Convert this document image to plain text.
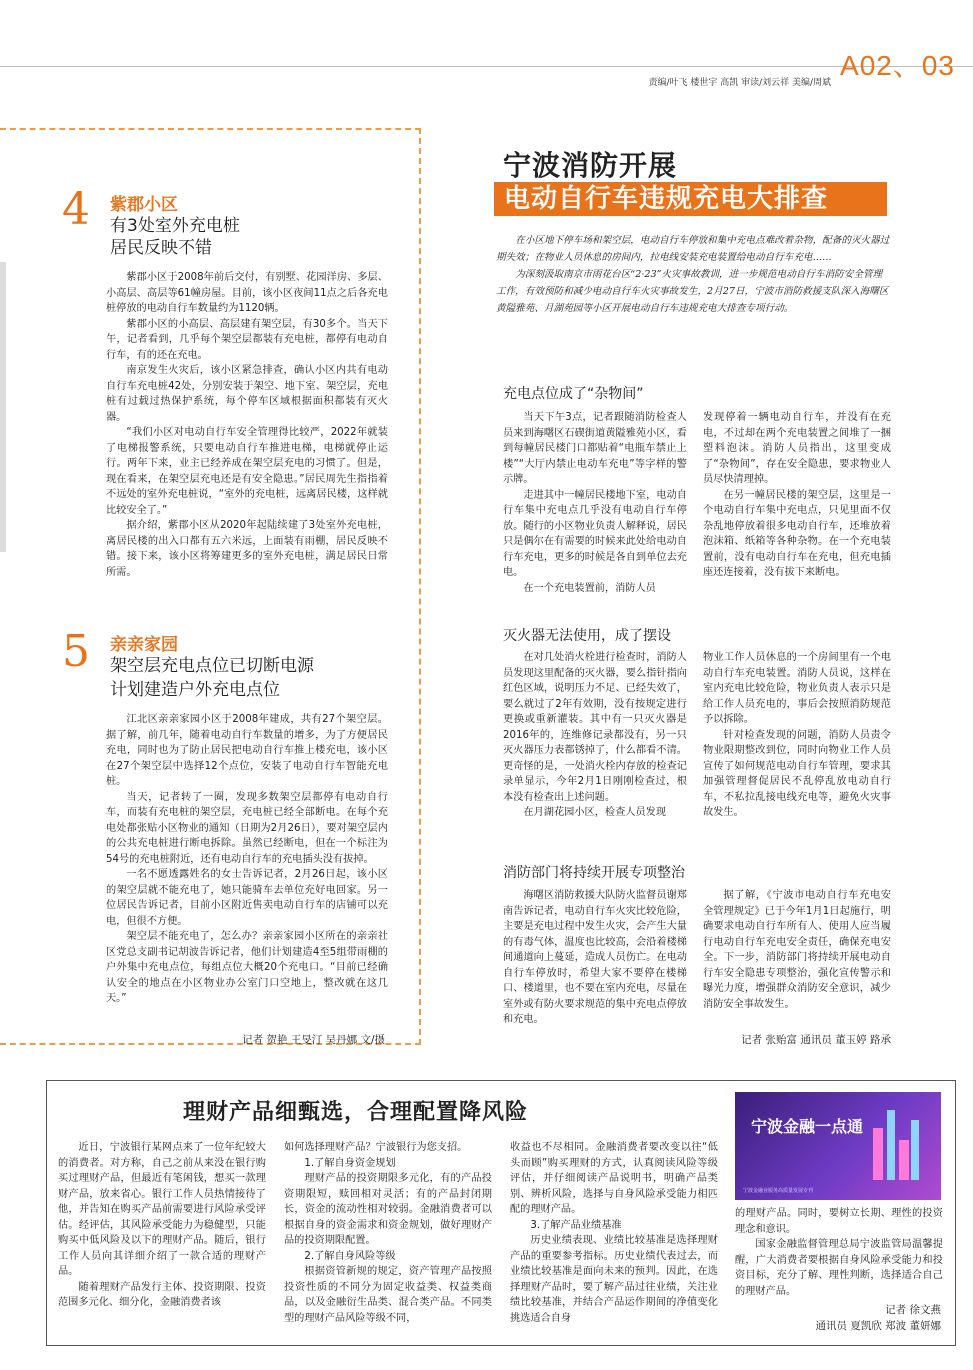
A02、03
责编/叶飞 楼世宇 高凯 审读/刘云祥 美编/周斌
4 紫郡小区
有3处室外充电桩
居民反映不错

紫郡小区于2008年前后交付，有别墅、花园洋房、多层、小高层、高层等61幢房屋。目前，该小区夜间11点之后各充电桩停放的电动自行车数量约为1120辆。

紫郡小区的小高层、高层建有架空层，有30多个。当天下午，记者看到，几乎每个架空层都装有充电桩，都停有电动自行车，有的还在充电。

南京发生火灾后，该小区紧急排查，确认小区内共有电动自行车充电桩42处，分别安装于架空、地下室、架空层，充电桩有过载过热保护系统，每个停车区域根据面积都装有灭火器。

“我们小区对电动自行车安全管理得比较严，2022年就装了电梯报警系统，只要电动自行车推进电梯，电梯就停止运行。两年下来，业主已经养成在架空层充电的习惯了。但是，现在看来，在架空层充电还是有安全隐患。”居民周先生指指着不远处的室外充电桩说，“室外的充电桩，远离居民楼，这样就比较安全了。”

据介绍，紫郡小区从2020年起陆续建了3处室外充电桩，离居民楼的出入口都有五六米远，上面装有雨棚，居民反映不错。接下来，该小区将筹建更多的室外充电桩，满足居民日常所需。

5 亲亲家园
架空层充电点位已切断电源
计划建造户外充电点位

江北区亲亲家园小区于2008年建成，共有27个架空层。据了解，前几年，随着电动自行车数量的增多，为了方便居民充电，同时也为了防止居民把电动自行车推上楼充电，该小区在27个架空层中选择12个点位，安装了电动自行车智能充电桩。

当天，记者转了一圈，发现多数架空层都停有电动自行车，而装有充电桩的架空层，充电桩已经全部断电。在每个充电处都张贴小区物业的通知（日期为2月26日），要对架空层内的公共充电桩进行断电拆除。虽然已经断电，但在一个标注为54号的充电桩附近，还有电动自行车的充电插头没有拔掉。

一名不愿透露姓名的女士告诉记者，2月26日起，该小区的架空层就不能充电了，她只能骑车去单位充好电回家。另一位居民告诉记者，目前小区附近售卖电动自行车的店铺可以充电，但很不方便。

架空层不能充电了，怎么办？亲亲家园小区所在的亲亲社区党总支副书记胡波告诉记者，他们计划建造4至5组带雨棚的户外集中充电点位，每组点位大概20个充电口。“目前已经确认安全的地点在小区物业办公室门口空地上，整改就在这几天。”

记者 贺艳 王旻汀 吴丹娜 文/摄
宁波消防开展
电动自行车违规充电大排查

在小区地下停车场和架空层，电动自行车停放和集中充电点难改着杂物，配备的灭火器过期失效；在物业人员休息的房间内，拉电线安装充电装置给电动自行车充电……

为深刻汲取南京市雨花台区“2·23”火灾事故教训，进一步规范电动自行车消防安全管理工作，有效预防和减少电动自行车火灾事故发生，2月27日，宁波市消防救援支队深入海曙区黄隘雅苑、月湖苑园等小区开展电动自行车违规充电大排查专项行动。

充电点位成了“杂物间”

当天下午3点，记者跟随消防检查人员来到海曙区石碶街道黄隘雅苑小区，看到每幢居民楼门口都贴着“电瓶车禁止上楼”“大厅内禁止电动车充电”等字样的警示牌。

走进其中一幢居民楼地下室，电动自行车集中充电点几乎没有电动自行车停放。随行的小区物业负责人解释说，居民只是偶尔在有需要的时候来此处给电动自行车充电，更多的时候是各自到单位去充电。

在一个充电装置前，消防人员

发现停着一辆电动自行车，并没有在充电，不过却在两个充电装置之间堆了一捆塑料泡沫。消防人员指出，这里变成了“杂物间”，存在安全隐患，要求物业人员尽快清理掉。

在另一幢居民楼的架空层，这里是一个电动自行车集中充电点，只见里面不仅杂乱地停放着很多电动自行车，还堆放着泡沫箱、纸箱等各种杂物。在一个充电装置前，没有电动自行车在充电，但充电插座还连接着，没有拔下来断电。

灭火器无法使用，成了摆设

在对几处消火栓进行检查时，消防人员发现这里配备的灭火器，要么指针指向红色区域，说明压力不足、已经失效了，要么就过了2年有效期，没有按规定进行更换或重新灌装。其中有一只灭火器是2016年的，连维修记录都没有，另一只灭火器压力表都锈掉了，什么都看不清。更奇怪的是，一处消火栓内存放的检查记录单显示，今年2月1日刚刚检查过，根本没有检查出上述问题。

在月湖花园小区，检查人员发现

物业工作人员休息的一个房间里有一个电动自行车充电装置。消防人员说，这样在室内充电比较危险，物业负责人表示只是给工作人员充电的，事后会按照消防规范予以拆除。

针对检查发现的问题，消防人员责令物业限期整改到位，同时向物业工作人员宣传了如何规范电动自行车管理，要求其加强管理督促居民不乱停乱放电动自行车，不私拉乱接电线充电等，避免火灾事故发生。

消防部门将持续开展专项整治

海曙区消防救援大队防火监督员谢郑南告诉记者，电动自行车火灾比较危险，主要是充电过程中发生火灾，会产生大量的有毒气体，温度也比较高，会沿着楼梯间通道向上蔓延，造成人员伤亡。在电动自行车停放时，希望大家不要停在楼梯口、楼道里，也不要在室内充电，尽量在室外或有防火要求规范的集中充电点停放和充电。

据了解，《宁波市电动自行车充电安全管理规定》已于今年1月1日起施行，明确要求电动自行车所有人、使用人应当履行电动自行车充电安全责任，确保充电安全。下一步，消防部门将持续开展电动自行车安全隐患专项整治，强化宣传警示和曝光力度，增强群众消防安全意识，减少消防安全事故发生。

记者 张贻富 通讯员 董玉婷 路承
理财产品细甄选，合理配置降风险
宁波金融一点通
宁波金融业服务高质量发展专刊

近日，宁波银行某网点来了一位年纪较大的消费者。对方称，自己之前从来没在银行购买过理财产品，但最近有笔闲钱，想买一款理财产品，放来省心。银行工作人员热情接待了他，并告知在购买产品前需要进行风险承受评估。经评估，其风险承受能力为稳健型，只能购买中低风险及以下的理财产品。随后，银行工作人员向其详细介绍了一款合适的理财产品。

随着理财产品发行主体、投资期限、投资范围多元化、细分化，金融消费者该

如何选择理财产品？宁波银行为您支招。

1.了解自身资金规划

理财产品的投资期限多元化，有的产品投资期限短，赎回相对灵活；有的产品封闭期长，资金的流动性相对较弱。金融消费者可以根据自身的资金需求和资金规划，做好理财产品的投资期限配置。

2.了解自身风险等级

根据资管新规的规定，资产管理产品按照投资性质的不同分为固定收益类、权益类商品，以及金融衍生品类、混合类产品。不同类型的理财产品风险等级不同，

收益也不尽相同。金融消费者要改变以往“低头而顾”购买理财的方式，认真阅读风险等级评估，并仔细阅读产品说明书，明确产品类别、辨析风险，选择与自身风险承受能力相匹配的理财产品。

3.了解产品业绩基准

历史业绩表现、业绩比较基准是选择理财产品的重要参考指标。历史业绩代表过去，而业绩比较基准是面向未来的预判。因此，在选择理财产品时，要了解产品过往业绩，关注业绩比较基准，并结合产品运作期间的净值变化挑选适合自身

的理财产品。同时，要树立长期、理性的投资理念和意识。

国家金融监督管理总局宁波监管局温馨提醒，广大消费者要根据自身风险承受能力和投资目标，充分了解、理性判断，选择适合自己的理财产品。

记者 徐文燕
通讯员 夏凯欣 郑波 董妍娜
